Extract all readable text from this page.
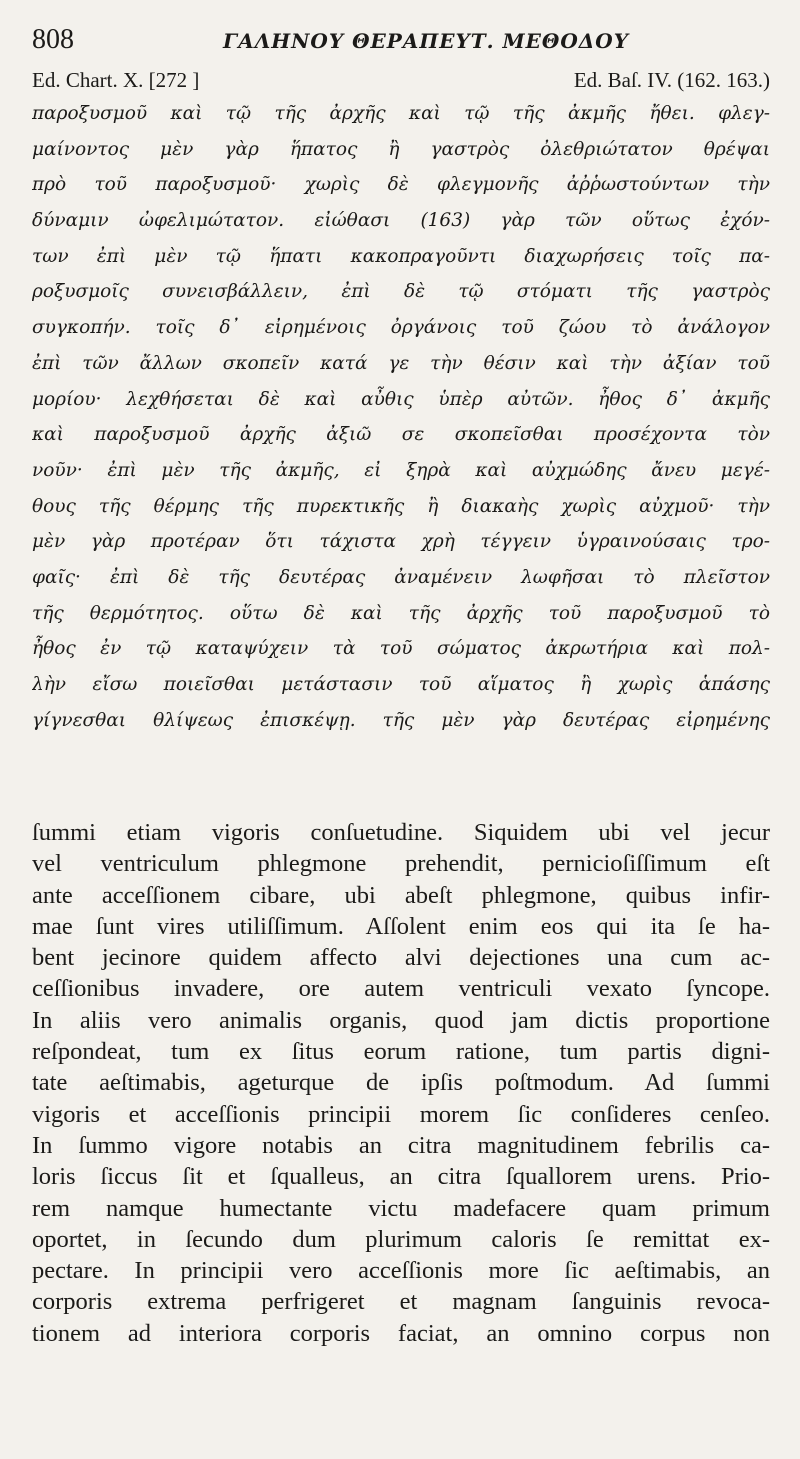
808	ΓΑΛΗΝΟΥ ΘΕΡΑΠΕΥΤ. ΜΕΘΟΔΟΥ
Ed. Chart. X. [272 ]	Ed. Baſ. IV. (162. 163.)
παροξυσμοῦ καὶ τῷ τῆς ἀρχῆς καὶ τῷ τῆς ἀκμῆς ἤθει. φλεγ-
μαίνοντος μὲν γὰρ ἥπατος ἢ γαστρὸς ὀλεθριώτατον θρέψαι
πρὸ τοῦ παροξυσμοῦ· χωρὶς δὲ φλεγμονῆς ἀῤῥωστούντων τὴν
δύναμιν ὠφελιμώτατον. εἰώθασι (163) γὰρ τῶν οὕτως ἐχόν-
των ἐπὶ μὲν τῷ ἥπατι κακοπραγοῦντι διαχωρήσεις τοῖς πα-
ροξυσμοῖς συνεισβάλλειν, ἐπὶ δὲ τῷ στόματι τῆς γαστρὸς
συγκοπήν. τοῖς δ᾽ εἰρημένοις ὀργάνοις τοῦ ζώου τὸ ἀνάλογον
ἐπὶ τῶν ἄλλων σκοπεῖν κατά γε τὴν θέσιν καὶ τὴν ἀξίαν τοῦ
μορίου· λεχθήσεται δὲ καὶ αὖθις ὑπὲρ αὐτῶν. ἦθος δ᾽ ἀκμῆς
καὶ παροξυσμοῦ ἀρχῆς ἀξιῶ σε σκοπεῖσθαι προσέχοντα τὸν
νοῦν· ἐπὶ μὲν τῆς ἀκμῆς, εἰ ξηρὰ καὶ αὐχμώδης ἄνευ μεγέ-
θους τῆς θέρμης τῆς πυρεκτικῆς ἢ διακαὴς χωρὶς αὐχμοῦ· τὴν
μὲν γὰρ προτέραν ὅτι τάχιστα χρὴ τέγγειν ὑγραινούσαις τρο-
φαῖς· ἐπὶ δὲ τῆς δευτέρας ἀναμένειν λωφῆσαι τὸ πλεῖστον
τῆς θερμότητος. οὕτω δὲ καὶ τῆς ἀρχῆς τοῦ παροξυσμοῦ τὸ
ἦθος ἐν τῷ καταψύχειν τὰ τοῦ σώματος ἀκρωτήρια καὶ πολ-
λὴν εἴσω ποιεῖσθαι μετάστασιν τοῦ αἵματος ἢ χωρὶς ἁπάσης
γίγνεσθαι θλίψεως ἐπισκέψῃ. τῆς μὲν γὰρ δευτέρας εἰρημένης
ſummi etiam vigoris conſuetudine. Siquidem ubi vel jecur
vel ventriculum phlegmone prehendit, pernicioſiſſimum eſt
ante acceſſionem cibare, ubi abeſt phlegmone, quibus infir-
mae ſunt vires utiliſſimum. Aſſolent enim eos qui ita ſe ha-
bent jecinore quidem affecto alvi dejectiones una cum ac-
ceſſionibus invadere, ore autem ventriculi vexato ſyncope.
In aliis vero animalis organis, quod jam dictis proportione
reſpondeat, tum ex ſitus eorum ratione, tum partis digni-
tate aeſtimabis, ageturque de ipſis poſtmodum. Ad ſummi
vigoris et acceſſionis principii morem ſic conſideres cenſeo.
In ſummo vigore notabis an citra magnitudinem febrilis ca-
loris ſiccus ſit et ſqualleus, an citra ſquallorem urens. Prio-
rem namque humectante victu madefacere quam primum
oportet, in ſecundo dum plurimum caloris ſe remittat ex-
pectare. In principii vero acceſſionis more ſic aeſtimabis, an
corporis extrema perfrigeret et magnam ſanguinis revoca-
tionem ad interiora corporis faciat, an omnino corpus non
